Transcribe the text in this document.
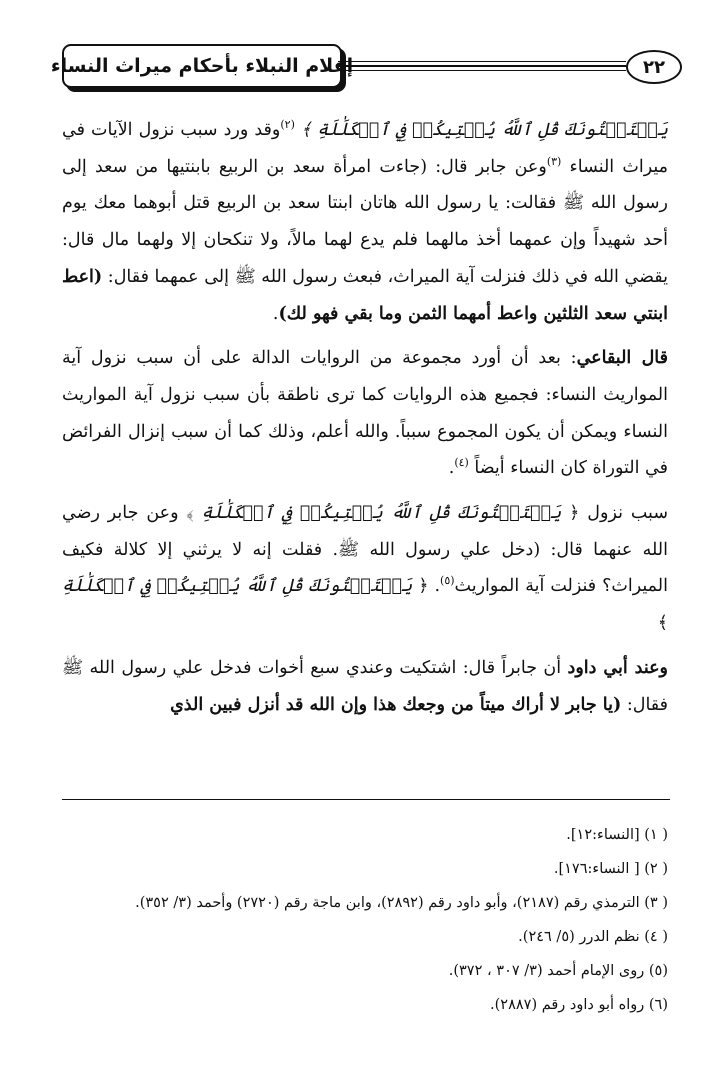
إعلام النبلاء بأحكام ميراث النساء	٢٢

يَسۡتَفۡتُونَكَ قُلِ ٱللَّهُ يُفۡتِيكُمۡ فِي ٱلۡكَلَٰلَةِ ﴾ $^{(٢)}$وقد ورد سبب نزول الآيات في ميراث النساء $^{(٣)}$وعن جابر قال: (جاءت امرأة سعد بن الربيع بابنتيها من سعد إلى رسول الله ﷺ فقالت: يا رسول الله هاتان ابنتا سعد بن الربيع قتل أبوهما معك يوم أحد شهيداً وإن عمهما أخذ مالهما فلم يدع لهما مالاً، ولا تنكحان إلا ولهما مال قال: يقضي الله في ذلك فنزلت آية الميراث، فبعث رسول الله ﷺ إلى عمهما فقال: (اعط ابنتي سعد الثلثين واعط أمهما الثمن وما بقي فهو لك).

قال البقاعي: بعد أن أورد مجموعة من الروايات الدالة على أن سبب نزول آية المواريث النساء: فجميع هذه الروايات كما ترى ناطقة بأن سبب نزول آية المواريث النساء ويمكن أن يكون المجموع سبباً. والله أعلم، وذلك كما أن سبب إنزال الفرائض في التوراة كان النساء أيضاً $^{(٤)}$.

سبب نزول ﴿ يَسۡتَفۡتُونَكَ قُلِ ٱللَّهُ يُفۡتِيكُمۡ فِي ٱلۡكَلَٰلَةِ ﴾ وعن جابر رضي الله عنهما قال: (دخل علي رسول الله ﷺ. فقلت إنه لا يرثني إلا كلالة فكيف الميراث؟ فنزلت آية المواريث$^{(٥)}$. ﴿ يَسۡتَفۡتُونَكَ قُلِ ٱللَّهُ يُفۡتِيكُمۡ فِي ٱلۡكَلَٰلَةِ ﴾

وعند أبي داود أن جابراً قال: اشتكيت وعندي سبع أخوات فدخل علي رسول الله ﷺ فقال: (يا جابر لا أراك ميتاً من وجعك هذا وإن الله قد أنزل فبين الذي

( ١) [النساء:١٢].
( ٢) [ النساء:١٧٦].
( ٣) الترمذي رقم (٢١٨٧)، وأبو داود رقم (٢٨٩٢)، وابن ماجة رقم (٢٧٢٠) وأحمد (٣/ ٣٥٢).
( ٤) نظم الدرر (٥/ ٢٤٦).
(٥) روى الإمام أحمد (٣/ ٣٠٧ ، ٣٧٢).
(٦) رواه أبو داود رقم (٢٨٨٧).
